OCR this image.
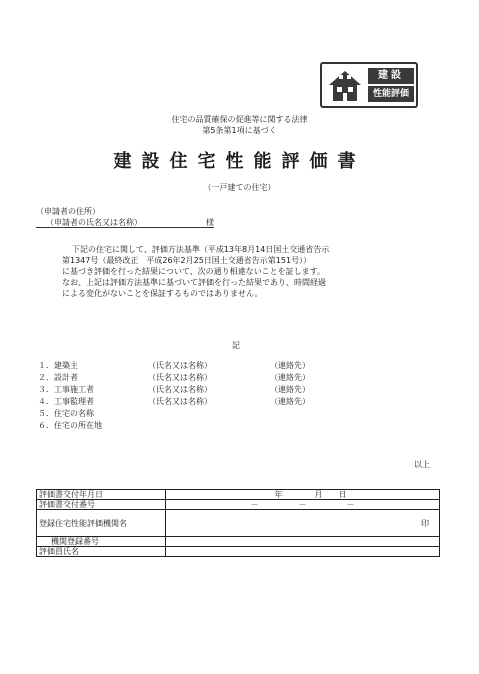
建設
性能評価
住宅の品質確保の促進等に関する法律
第5条第1項に基づく
建設住宅性能評価書
（一戸建ての住宅）
（申請者の住所）
（申請者の氏名又は名称）	様

下記の住宅に関して、評価方法基準（平成13年8月14日国土交通省告示

第1347号（最終改正　平成26年2月25日国土交通省告示第151号））

に基づき評価を行った結果について、次の通り相違ないことを証します。

なお、上記は評価方法基準に基づいて評価を行った結果であり、時間経過

による変化がないことを保証するものではありません。

記
１．建築主	（氏名又は名称）	（連絡先）
２．設計者	（氏名又は名称）	（連絡先）
３．工事施工者	（氏名又は名称）	（連絡先）
４．工事監理者	（氏名又は名称）	（連絡先）
５．住宅の名称
６．住宅の所在地
以上
評価書交付年月日	年 月 日
評価書交付番号	－　　　　　－　　　　　－
登録住宅性能評価機関名	印

機関登録番号	
評価員氏名	
